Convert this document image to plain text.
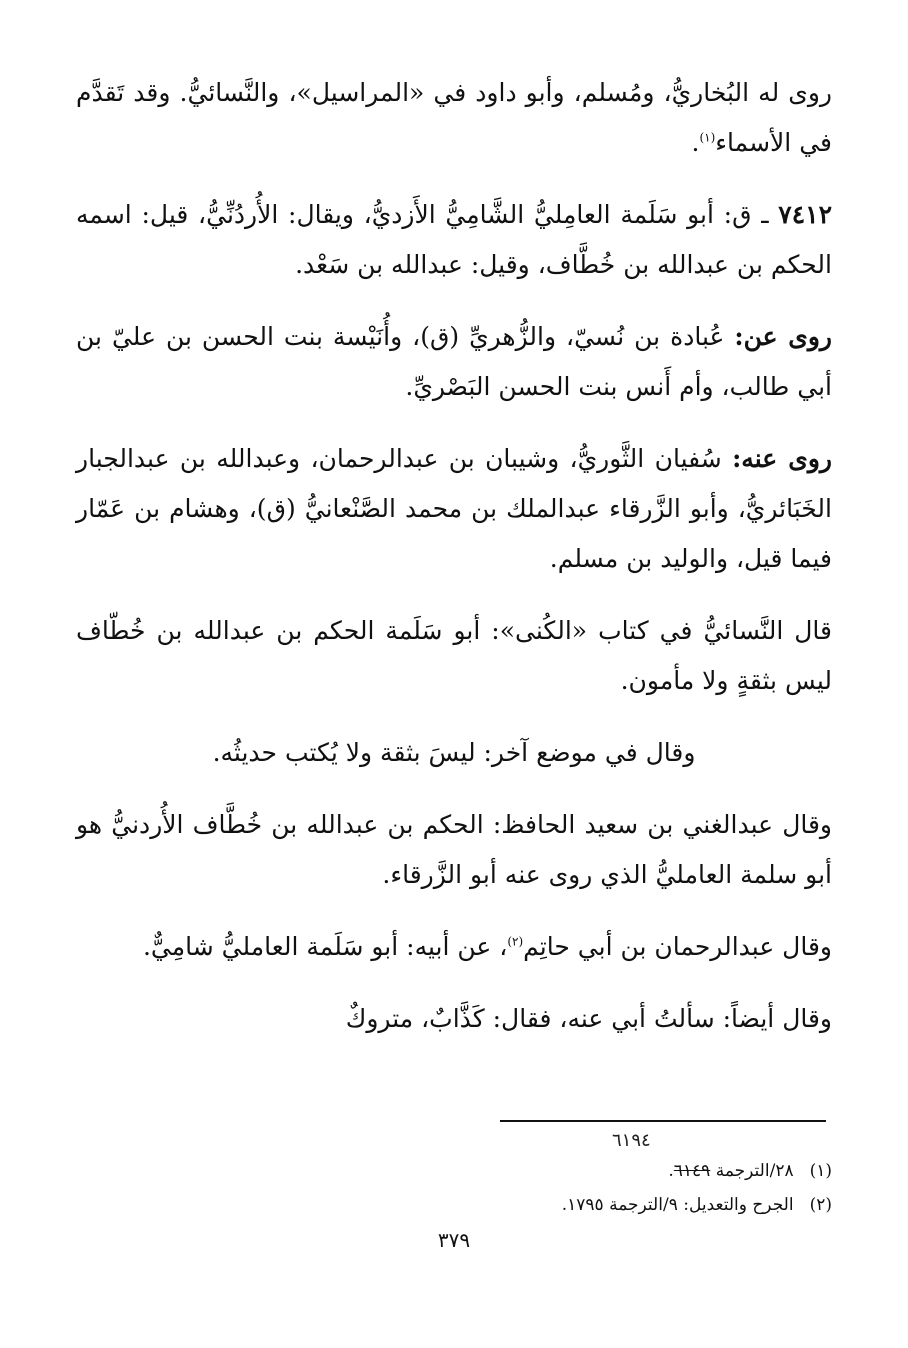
روى له البُخاريُّ، ومُسلم، وأبو داود في «المراسيل»، والنَّسائيُّ. وقد تَقدَّم في الأسماء$^{(١)}$.

٧٤١٢ ـ ق: أبو سَلَمة العامِليُّ الشَّامِيُّ الأَزديُّ، ويقال: الأُردُنِّيُّ، قيل: اسمه الحكم بن عبدالله بن خُطَّاف، وقيل: عبدالله بن سَعْد.

روى عن: عُبادة بن نُسيّ، والزُّهريِّ (ق)، وأُنَيْسة بنت الحسن بن عليّ بن أبي طالب، وأم أَنس بنت الحسن البَصْريِّ.

روى عنه: سُفيان الثَّوريُّ، وشيبان بن عبدالرحمان، وعبدالله بن عبدالجبار الخَبَائريُّ، وأبو الزَّرقاء عبدالملك بن محمد الصَّنْعانيُّ (ق)، وهشام بن عَمّار فيما قيل، والوليد بن مسلم.

قال النَّسائيُّ في كتاب «الكُنى»: أبو سَلَمة الحكم بن عبدالله بن خُطّاف ليس بثقةٍ ولا مأمون.

وقال في موضع آخر: ليسَ بثقة ولا يُكتب حديثُه.

وقال عبدالغني بن سعيد الحافظ: الحكم بن عبدالله بن خُطَّاف الأُردنيُّ هو أبو سلمة العامليُّ الذي روى عنه أبو الزَّرقاء.

وقال عبدالرحمان بن أبي حاتِم$^{(٢)}$، عن أبيه: أبو سَلَمة العامليُّ شامِيٌّ.

وقال أيضاً: سألتُ أبي عنه، فقال: كَذَّابٌ، متروكٌ

٦١٩٤

(١)٢٨/الترجمة ٦١٤٩.

(٢)الجرح والتعديل: ٩/الترجمة ١٧٩٥.

٣٧٩
